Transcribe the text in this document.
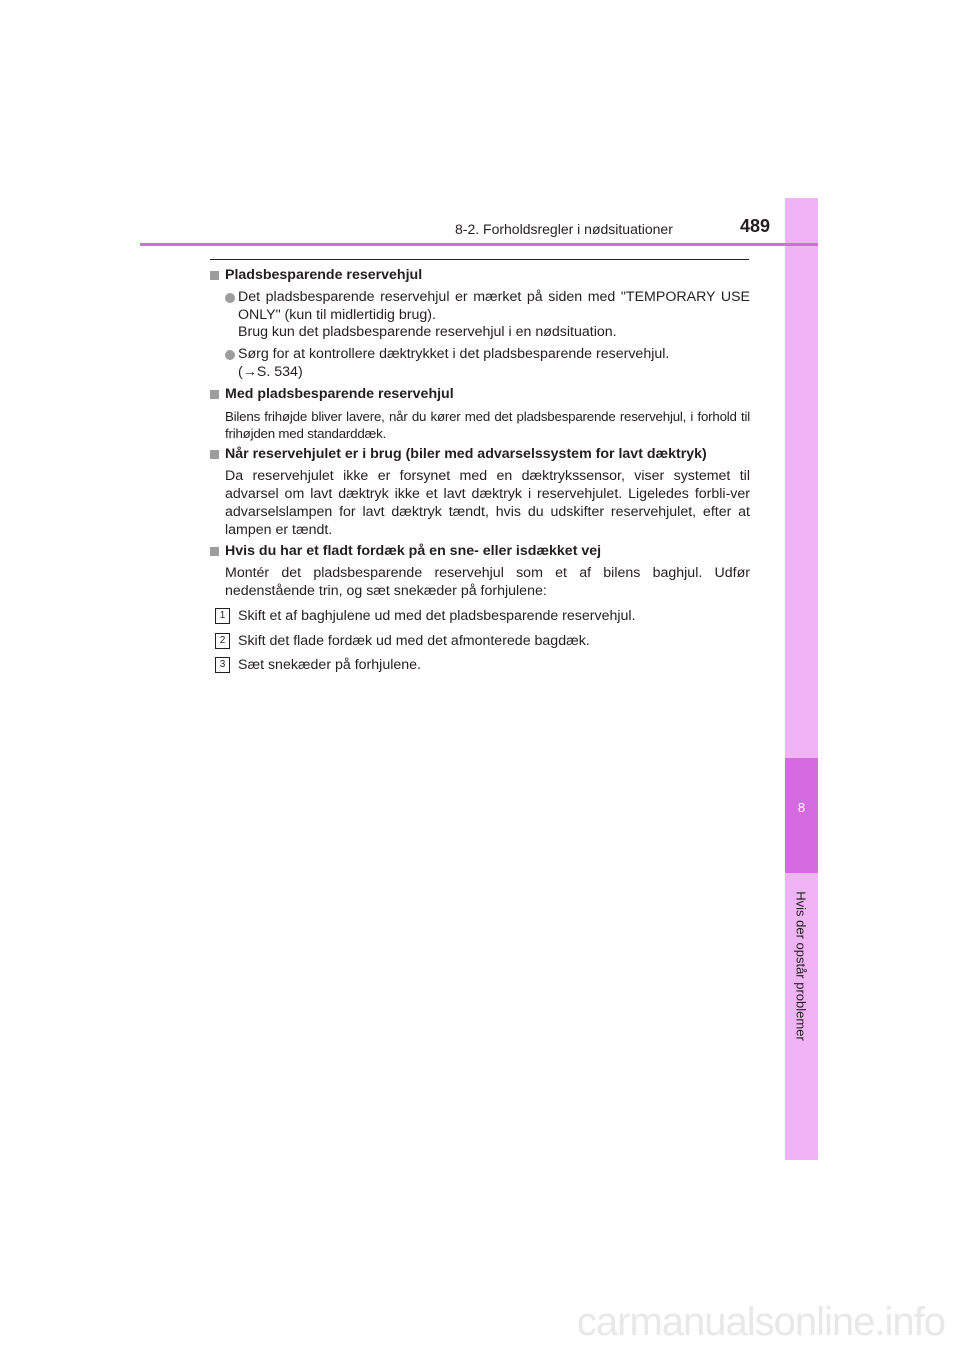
8
Hvis der opstår problemer
8-2. Forholdsregler i nødsituationer	489
Pladsbesparende reservehjul
Det pladsbesparende reservehjul er mærket på siden med "TEMPORARY USE ONLY" (kun til midlertidig brug).
Brug kun det pladsbesparende reservehjul i en nødsituation.
Sørg for at kontrollere dæktrykket i det pladsbesparende reservehjul.
(→S. 534)
Med pladsbesparende reservehjul
Bilens frihøjde bliver lavere, når du kører med det pladsbesparende reservehjul, i forhold til frihøjden med standarddæk.
Når reservehjulet er i brug (biler med advarselssystem for lavt dæktryk)
Da reservehjulet ikke er forsynet med en dæktrykssensor, viser systemet til advarsel om lavt dæktryk ikke et lavt dæktryk i reservehjulet. Ligeledes forbli-ver advarselslampen for lavt dæktryk tændt, hvis du udskifter reservehjulet, efter at lampen er tændt.
Hvis du har et fladt fordæk på en sne- eller isdækket vej
Montér det pladsbesparende reservehjul som et af bilens baghjul. Udfør nedenstående trin, og sæt snekæder på forhjulene:
1 Skift et af baghjulene ud med det pladsbesparende reservehjul.
2 Skift det flade fordæk ud med det afmonterede bagdæk.
3 Sæt snekæder på forhjulene.
carmanualsonline.info
